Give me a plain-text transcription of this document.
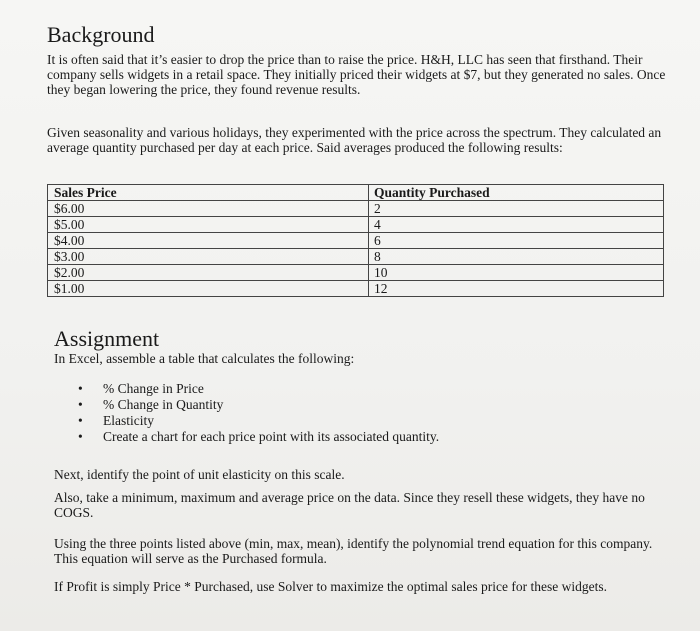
Background

It is often said that it’s easier to drop the price than to raise the price. H&H, LLC has seen that firsthand. Their company sells widgets in a retail space. They initially priced their widgets at $7, but they generated no sales. Once they began lowering the price, they found revenue results.

Given seasonality and various holidays, they experimented with the price across the spectrum. They calculated an average quantity purchased per day at each price. Said averages produced the following results:

Sales Price	Quantity Purchased
$6.00	2
$5.00	4
$4.00	6
$3.00	8
$2.00	10
$1.00	12
Assignment

In Excel, assemble a table that calculates the following:

• % Change in Price
• % Change in Quantity
• Elasticity
• Create a chart for each price point with its associated quantity.

Next, identify the point of unit elasticity on this scale.

Also, take a minimum, maximum and average price on the data. Since they resell these widgets, they have no COGS.

Using the three points listed above (min, max, mean), identify the polynomial trend equation for this company. This equation will serve as the Purchased formula.

If Profit is simply Price * Purchased, use Solver to maximize the optimal sales price for these widgets.
